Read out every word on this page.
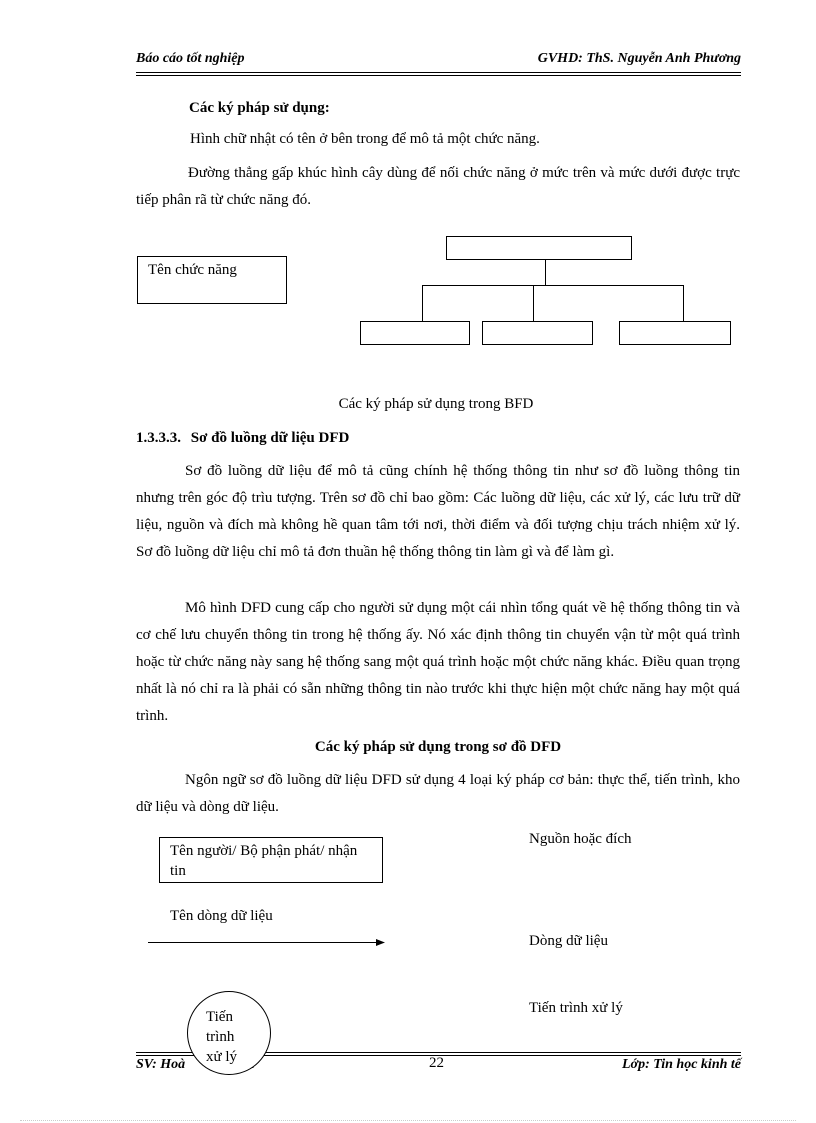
Báo cáo tốt nghiệp	GVHD: ThS. Nguyễn Anh Phương
Các ký pháp sử dụng:
Hình chữ nhật có tên ở bên trong để mô tả một chức năng.
Đường thẳng gấp khúc hình cây dùng để nối chức năng ở mức trên và mức dưới được trực tiếp phân rã từ chức năng đó.
Tên chức năng
Các ký pháp sử dụng trong BFD
1.3.3.3. Sơ đồ luồng dữ liệu DFD
Sơ đồ luồng dữ liệu để mô tả cũng chính hệ thống thông tin như sơ đồ luồng thông tin nhưng trên góc độ trìu tượng. Trên sơ đồ chỉ bao gồm: Các luồng dữ liệu, các xử lý, các lưu trữ dữ liệu, nguồn và đích mà không hề quan tâm tới nơi, thời điểm và đối tượng chịu trách nhiệm xử lý. Sơ đồ luồng dữ liệu chỉ mô tả đơn thuần hệ thống thông tin làm gì và để làm gì.
Mô hình DFD cung cấp cho người sử dụng một cái nhìn tổng quát về hệ thống thông tin và cơ chế lưu chuyển thông tin trong hệ thống ấy. Nó xác định thông tin chuyển vận từ một quá trình hoặc từ chức năng này sang hệ thống sang một quá trình hoặc một chức năng khác. Điều quan trọng nhất là nó chỉ ra là phải có sẵn những thông tin nào trước khi thực hiện một chức năng hay một quá trình.
Các ký pháp sử dụng trong sơ đồ DFD
Ngôn ngữ sơ đồ luồng dữ liệu DFD sử dụng 4 loại ký pháp cơ bản: thực thể, tiến trình, kho dữ liệu và dòng dữ liệu.
Tên người/ Bộ phận phát/ nhận tin
Nguồn hoặc đích
Tên dòng dữ liệu
Dòng dữ liệu
Tiến trình xử lý
SV: Hoà	22	Lớp: Tin học kinh tế
Tiến trình xử lý
